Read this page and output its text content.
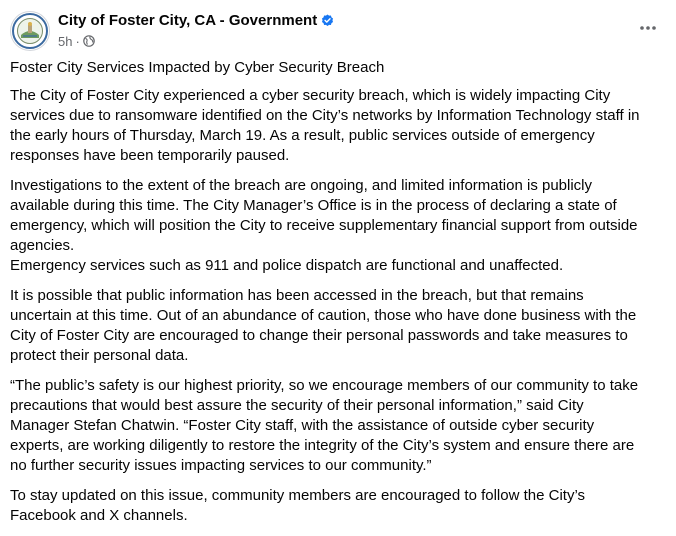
City of Foster City, CA - Government
5h ·
Foster City Services Impacted by Cyber Security Breach
The City of Foster City experienced a cyber security breach, which is widely impacting City
services due to ransomware identified on the City’s networks by Information Technology staff in
the early hours of Thursday, March 19. As a result, public services outside of emergency
responses have been temporarily paused.
Investigations to the extent of the breach are ongoing, and limited information is publicly
available during this time. The City Manager’s Office is in the process of declaring a state of
emergency, which will position the City to receive supplementary financial support from outside
agencies.
Emergency services such as 911 and police dispatch are functional and unaffected.
It is possible that public information has been accessed in the breach, but that remains
uncertain at this time. Out of an abundance of caution, those who have done business with the
City of Foster City are encouraged to change their personal passwords and take measures to
protect their personal data.
“The public’s safety is our highest priority, so we encourage members of our community to take
precautions that would best assure the security of their personal information,” said City
Manager Stefan Chatwin. “Foster City staff, with the assistance of outside cyber security
experts, are working diligently to restore the integrity of the City’s system and ensure there are
no further security issues impacting services to our community.”
To stay updated on this issue, community members are encouraged to follow the City’s
Facebook and X channels.
